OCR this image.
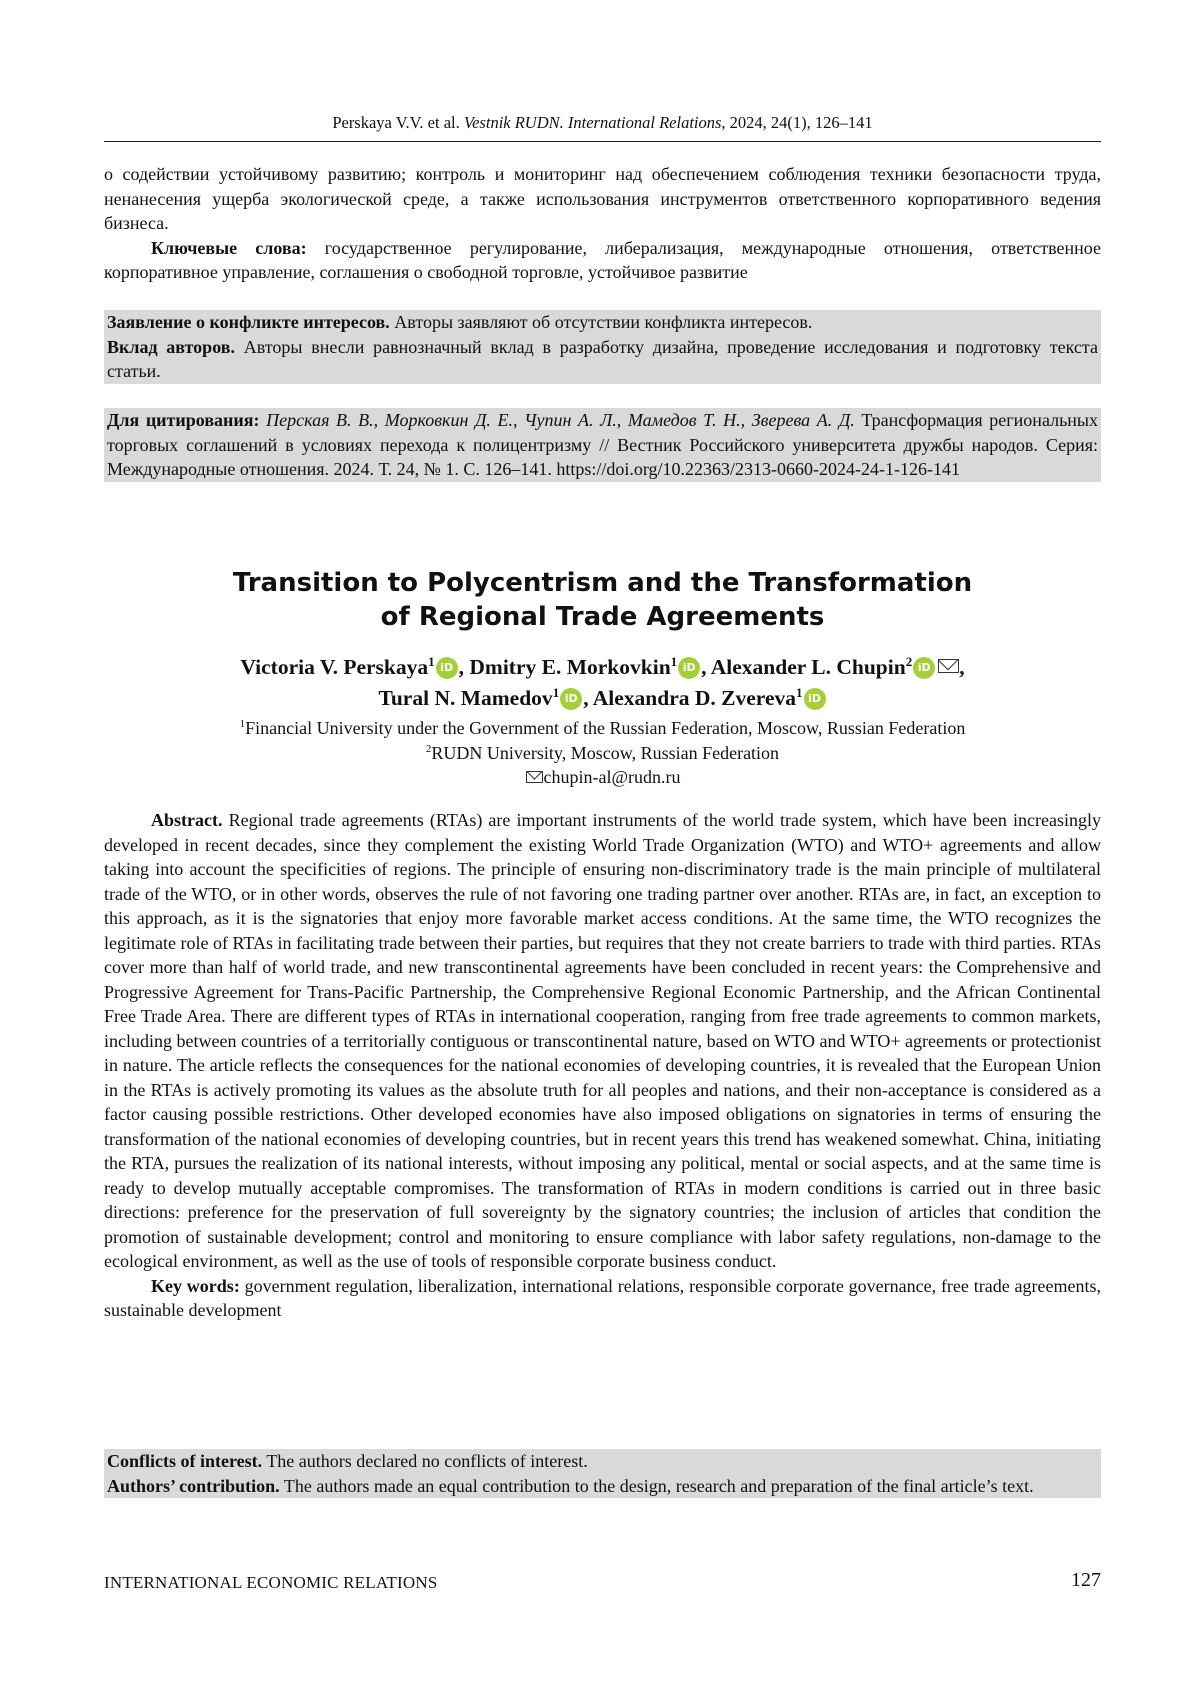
Perskaya V.V. et al. Vestnik RUDN. International Relations, 2024, 24(1), 126–141

о содействии устойчивому развитию; контроль и мониторинг над обеспечением соблюдения техники безопасности труда, ненанесения ущерба экологической среде, а также использования инструментов ответственного корпоративного ведения бизнеса.

Ключевые слова: государственное регулирование, либерализация, международные отношения, ответственное корпоративное управление, соглашения о свободной торговле, устойчивое развитие

Заявление о конфликте интересов. Авторы заявляют об отсутствии конфликта интересов.

Вклад авторов. Авторы внесли равнозначный вклад в разработку дизайна, проведение исследования и подготовку текста статьи.

Для цитирования: Перская В. В., Морковкин Д. Е., Чупин А. Л., Мамедов Т. Н., Зверева А. Д. Трансформация региональных торговых соглашений в условиях перехода к полицентризму // Вестник Российского университета дружбы народов. Серия: Международные отношения. 2024. Т. 24, № 1. С. 126–141. https://doi.org/10.22363/2313-0660-2024-24-1-126-141

Transition to Polycentrism and the Transformation
of Regional Trade Agreements
Victoria V. Perskaya1 iD , Dmitry E. Morkovkin1 iD , Alexander L. Chupin2 iD ,
Tural N. Mamedov1 iD , Alexandra D. Zvereva1 iD
1Financial University under the Government of the Russian Federation, Moscow, Russian Federation
2RUDN University, Moscow, Russian Federation
chupin-al@rudn.ru

Abstract. Regional trade agreements (RTAs) are important instruments of the world trade system, which have been increasingly developed in recent decades, since they complement the existing World Trade Organization (WTO) and WTO+ agreements and allow taking into account the specificities of regions. The principle of ensuring non-discriminatory trade is the main principle of multilateral trade of the WTO, or in other words, observes the rule of not favoring one trading partner over another. RTAs are, in fact, an exception to this approach, as it is the signatories that enjoy more favorable market access conditions. At the same time, the WTO recognizes the legitimate role of RTAs in facilitating trade between their parties, but requires that they not create barriers to trade with third parties. RTAs cover more than half of world trade, and new transcontinental agreements have been concluded in recent years: the Comprehensive and Progressive Agreement for Trans-Pacific Partnership, the Comprehensive Regional Economic Partnership, and the African Continental Free Trade Area. There are different types of RTAs in international cooperation, ranging from free trade agreements to common markets, including between countries of a territorially contiguous or transcontinental nature, based on WTO and WTO+ agreements or protectionist in nature. The article reflects the consequences for the national economies of developing countries, it is revealed that the European Union in the RTAs is actively promoting its values as the absolute truth for all peoples and nations, and their non-acceptance is considered as a factor causing possible restrictions. Other developed economies have also imposed obligations on signatories in terms of ensuring the transformation of the national economies of developing countries, but in recent years this trend has weakened somewhat. China, initiating the RTA, pursues the realization of its national interests, without imposing any political, mental or social aspects, and at the same time is ready to develop mutually acceptable compromises. The transformation of RTAs in modern conditions is carried out in three basic directions: preference for the preservation of full sovereignty by the signatory countries; the inclusion of articles that condition the promotion of sustainable development; control and monitoring to ensure compliance with labor safety regulations, non-damage to the ecological environment, as well as the use of tools of responsible corporate business conduct.

Key words: government regulation, liberalization, international relations, responsible corporate governance, free trade agreements, sustainable development

Conflicts of interest. The authors declared no conflicts of interest.

Authors’ contribution. The authors made an equal contribution to the design, research and preparation of the final article’s text.

INTERNATIONAL ECONOMIC RELATIONS	127
